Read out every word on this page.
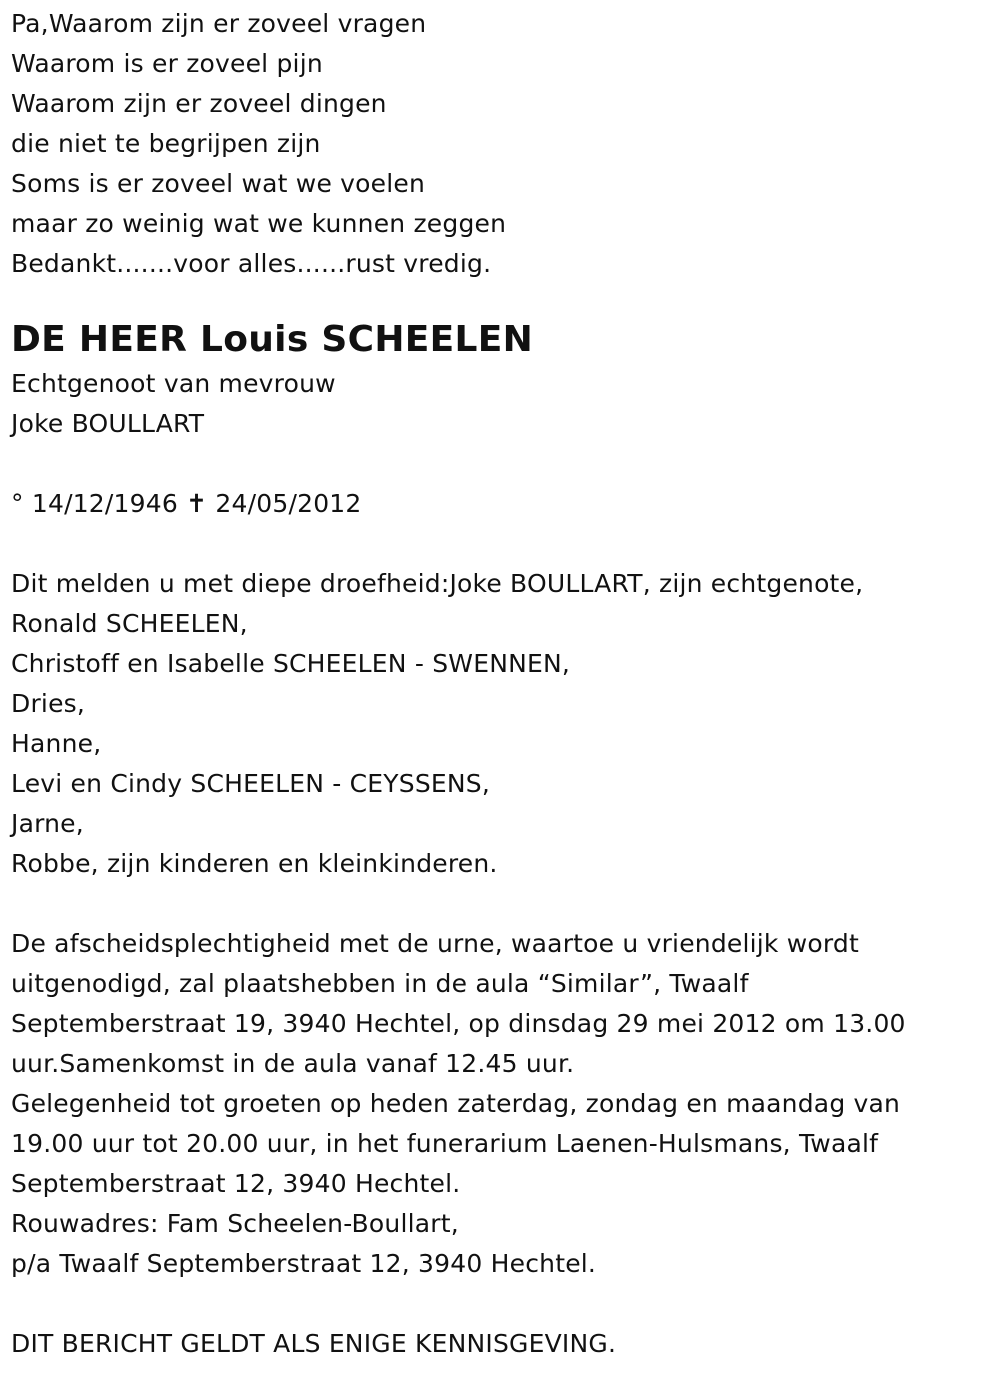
Pa,Waarom zijn er zoveel vragen
Waarom is er zoveel pijn
Waarom zijn er zoveel dingen
die niet te begrijpen zijn
Soms is er zoveel wat we voelen
maar zo weinig wat we kunnen zeggen
Bedankt.......voor alles......rust vredig.
DE HEER Louis SCHEELEN
Echtgenoot van mevrouw
Joke BOULLART
° 14/12/1946 ✝ 24/05/2012
Dit melden u met diepe droefheid:Joke BOULLART, zijn echtgenote,
Ronald SCHEELEN,
Christoff en Isabelle SCHEELEN - SWENNEN,
Dries,
Hanne,
Levi en Cindy SCHEELEN - CEYSSENS,
Jarne,
Robbe, zijn kinderen en kleinkinderen.
De afscheidsplechtigheid met de urne, waartoe u vriendelijk wordt
uitgenodigd, zal plaatshebben in de aula “Similar”, Twaalf
Septemberstraat 19, 3940 Hechtel, op dinsdag 29 mei 2012 om 13.00
uur.Samenkomst in de aula vanaf 12.45 uur.
Gelegenheid tot groeten op heden zaterdag, zondag en maandag van
19.00 uur tot 20.00 uur, in het funerarium Laenen-Hulsmans, Twaalf
Septemberstraat 12, 3940 Hechtel.
Rouwadres: Fam Scheelen-Boullart,
p/a Twaalf Septemberstraat 12, 3940 Hechtel.
DIT BERICHT GELDT ALS ENIGE KENNISGEVING.
